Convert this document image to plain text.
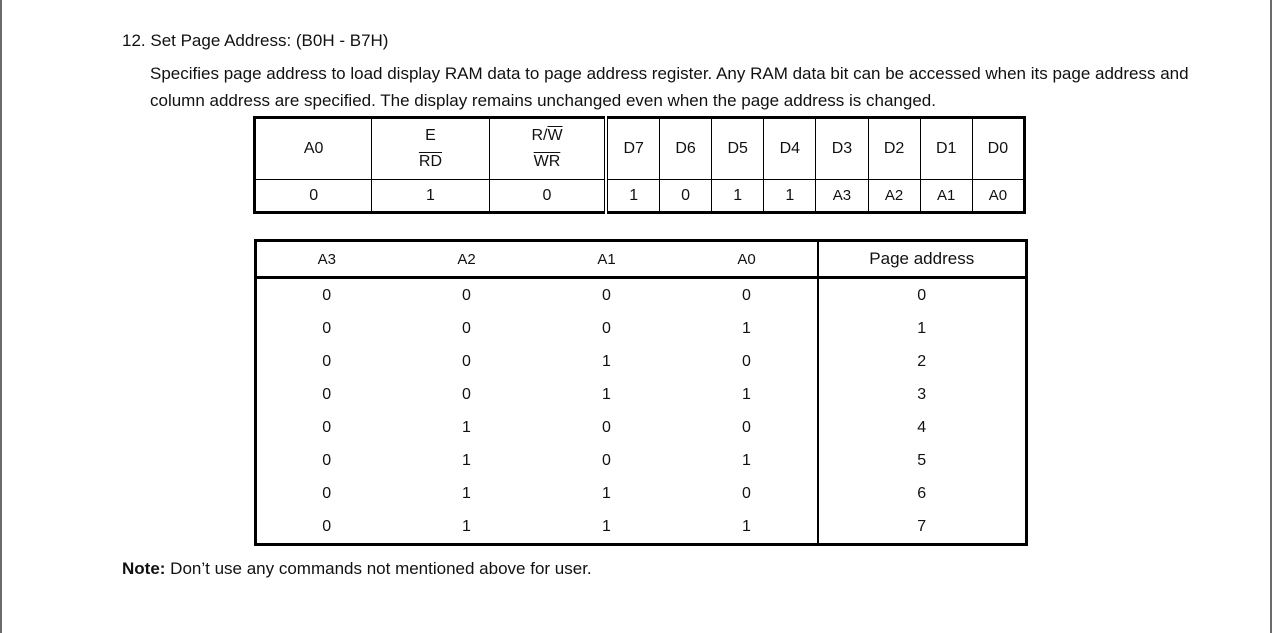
12. Set Page Address: (B0H - B7H)
Specifies page address to load display RAM data to page address register. Any RAM data bit can be accessed when its page address and column address are specified. The display remains unchanged even when the page address is changed.
A0	$\frac{E}{RD}$	$\frac{R/\overline{W}}{WR}$	D7	D6	D5	D4	D3	D2	D1	D0
0	1	0	1	0	1	1	A3	A2	A1	A0
A3	A2	A1	A0	Page address
0	0	0	0	0
0	0	0	1	1
0	0	1	0	2
0	0	1	1	3
0	1	0	0	4
0	1	0	1	5
0	1	1	0	6
0	1	1	1	7
Note: Don’t use any commands not mentioned above for user.
